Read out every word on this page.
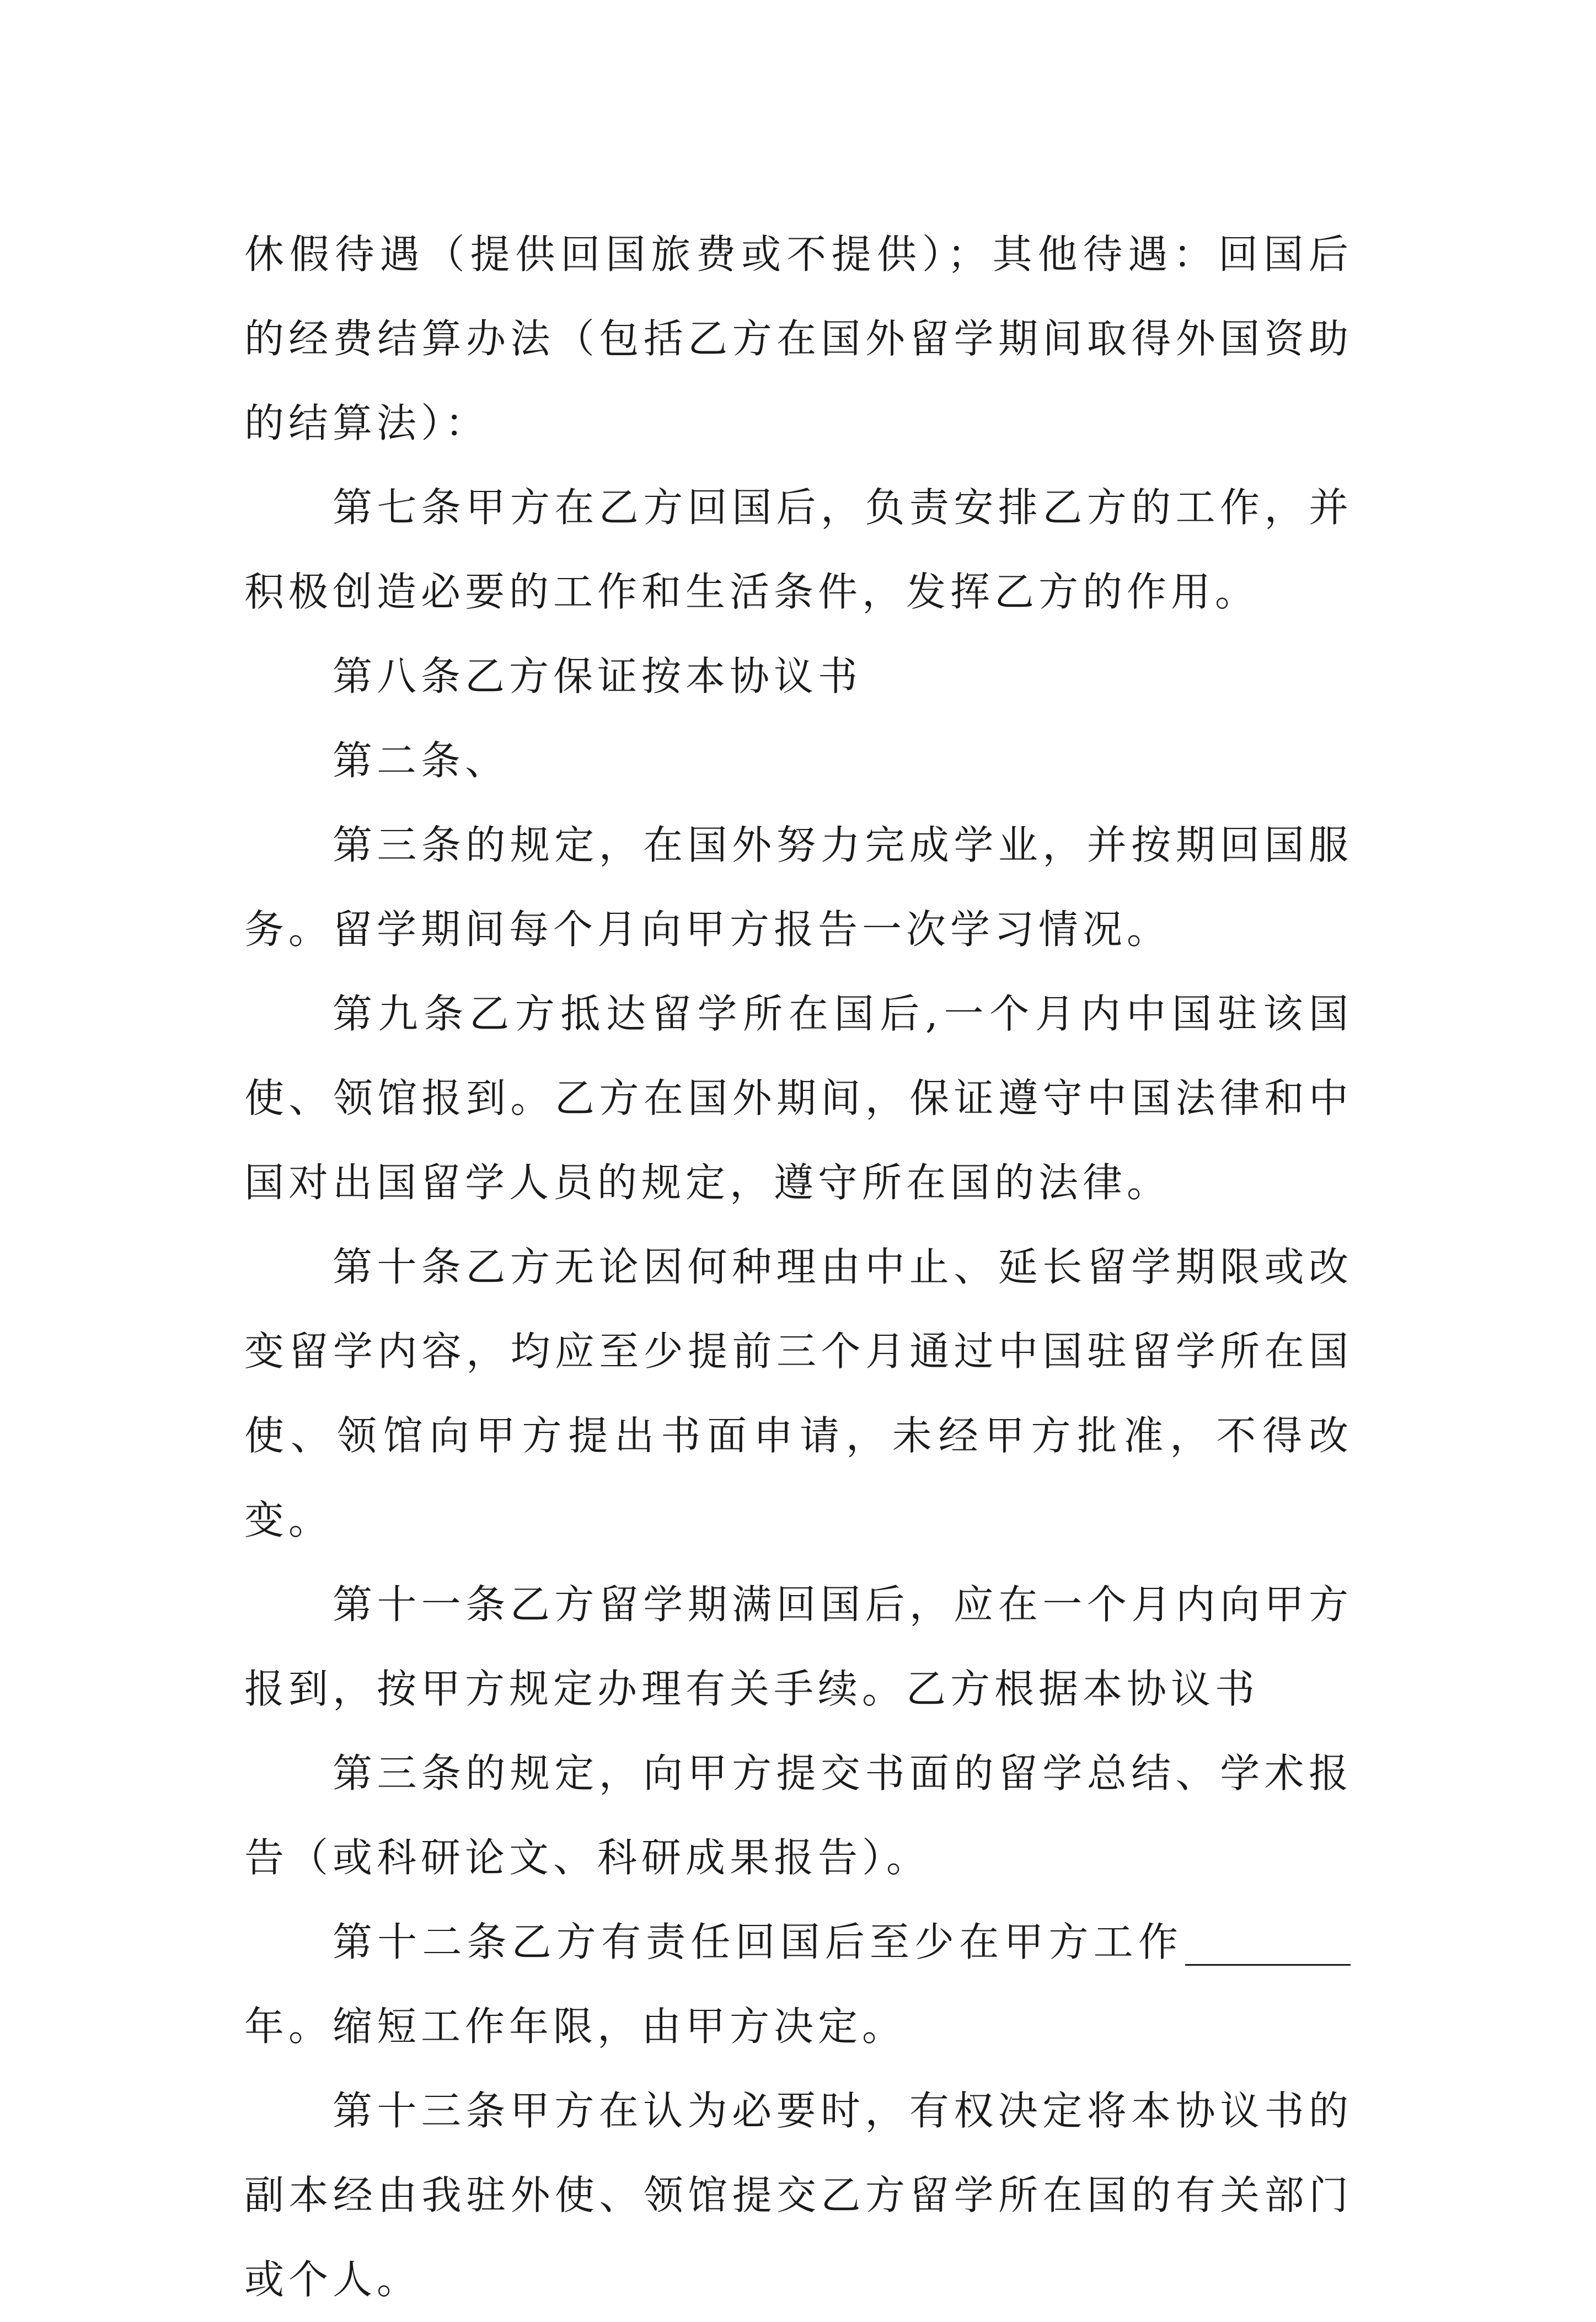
休假待遇（提供回国旅费或不提供）；其他待遇：回国后的经费结算办法（包括乙方在国外留学期间取得外国资助的结算法）：

第七条甲方在乙方回国后，负责安排乙方的工作，并积极创造必要的工作和生活条件，发挥乙方的作用。

第八条乙方保证按本协议书

第二条、

第三条的规定，在国外努力完成学业，并按期回国服务。留学期间每个月向甲方报告一次学习情况。

第九条乙方抵达留学所在国后,一个月内中国驻该国使、领馆报到。乙方在国外期间，保证遵守中国法律和中国对出国留学人员的规定，遵守所在国的法律。

第十条乙方无论因何种理由中止、延长留学期限或改变留学内容，均应至少提前三个月通过中国驻留学所在国使、领馆向甲方提出书面申请，未经甲方批准，不得改变。

第十一条乙方留学期满回国后，应在一个月内向甲方报到，按甲方规定办理有关手续。乙方根据本协议书

第三条的规定，向甲方提交书面的留学总结、学术报告（或科研论文、科研成果报告）。

第十二条乙方有责任回国后至少在甲方工作年。缩短工作年限，由甲方决定。

第十三条甲方在认为必要时，有权决定将本协议书的副本经由我驻外使、领馆提交乙方留学所在国的有关部门或个人。
